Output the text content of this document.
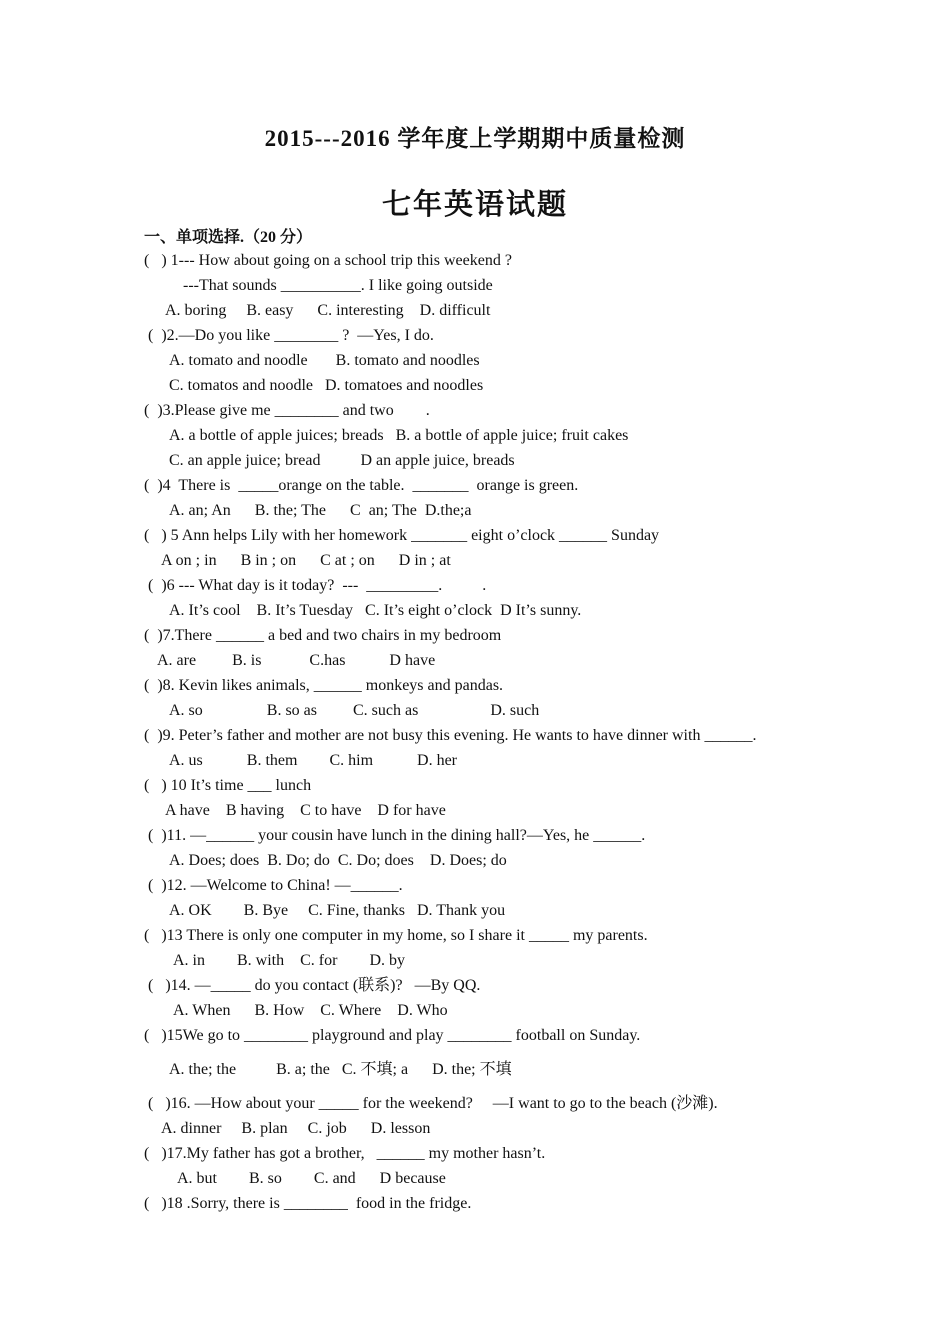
2015---2016 学年度上学期期中质量检测
七年英语试题
一、单项选择.（20 分）
(   ) 1--- How about going on a school trip this weekend ?
---That sounds __________. I like going outside
A. boring     B. easy      C. interesting    D. difficult
(  )2.—Do you like ________ ?  —Yes, I do.
A. tomato and noodle       B. tomato and noodles
C. tomatos and noodle   D. tomatoes and noodles
(  )3.Please give me ________ and two        .
A. a bottle of apple juices; breads   B. a bottle of apple juice; fruit cakes
C. an apple juice; bread          D an apple juice, breads
(  )4  There is  _____orange on the table.  _______  orange is green.
A. an; An      B. the; The      C  an; The  D.the;a
(   ) 5 Ann helps Lily with her homework _______ eight o’clock ______ Sunday
A on ; in      B in ; on      C at ; on      D in ; at
(  )6 --- What day is it today?  ---  _________.          .
A. It’s cool    B. It’s Tuesday   C. It’s eight o’clock  D It’s sunny.
(  )7.There ______ a bed and two chairs in my bedroom
A. are         B. is            C.has           D have
(  )8. Kevin likes animals, ______ monkeys and pandas.
A. so                B. so as         C. such as                  D. such
(  )9. Peter’s father and mother are not busy this evening. He wants to have dinner with ______.
A. us           B. them        C. him           D. her
(   ) 10 It’s time ___ lunch
A have    B having    C to have    D for have
(  )11. —______ your cousin have lunch in the dining hall?—Yes, he ______.
A. Does; does  B. Do; do  C. Do; does    D. Does; do
(  )12. —Welcome to China! —______.
A. OK        B. Bye     C. Fine, thanks   D. Thank you
(   )13 There is only one computer in my home, so I share it _____ my parents.
A. in        B. with    C. for        D. by
(   )14. —_____ do you contact (联系)?   —By QQ.
A. When      B. How    C. Where    D. Who
(   )15We go to ________ playground and play ________ football on Sunday.
A. the; the          B. a; the   C. 不填; a      D. the; 不填
(   )16. —How about your _____ for the weekend?     —I want to go to the beach (沙滩).
A. dinner     B. plan     C. job      D. lesson
(   )17.My father has got a brother,   ______ my mother hasn’t.
A. but        B. so        C. and      D because
(   )18 .Sorry, there is ________  food in the fridge.
